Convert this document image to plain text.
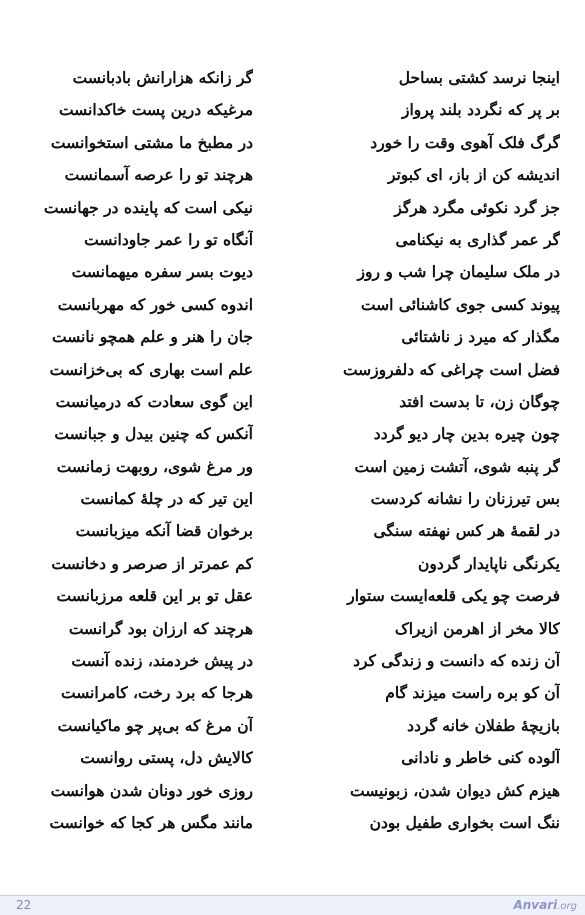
اینجا نرسد کشتی بساحل
بر پر که نگردد بلند پرواز
گرگ فلک آهوی وقت را خورد
اندیشه کن از باز، ای کبوتر
جز گرد نکوئی مگرد هرگز
گر عمر گذاری به نیکنامی
در ملک سلیمان چرا شب و روز
پیوند کسی جوی کاشنائی است
مگذار که میرد ز ناشتائی
فضل است چراغی که دلفروزست
چوگان زن، تا بدست افتد
چون چیره بدین چار دیو گردد
گر پنبه شوی، آتشت زمین است
بس تیرزنان را نشانه کردست
در لقمهٔ هر کس نهفته سنگی
یکرنگی ناپایدار گردون
فرصت چو یکی قلعه‌ایست ستوار
کالا مخر از اهرمن ازیراک
آن زنده که دانست و زندگی کرد
آن کو بره راست میزند گام
بازیچهٔ طفلان خانه گردد
آلوده کنی خاطر و نادانی
هیزم کش دیوان شدن، زبونیست
ننگ است بخواری طفیل بودن
گر زانکه هزارانش بادبانست
مرغیکه درین پست خاکدانست
در مطبخ ما مشتی استخوانست
هرچند تو را عرصه آسمانست
نیکی است که پاینده در جهانست
آنگاه تو را عمر جاودانست
دیوت بسر سفره میهمانست
اندوه کسی خور که مهربانست
جان را هنر و علم همچو نانست
علم است بهاری که بی‌خزانست
این گوی سعادت که درمیانست
آنکس که چنین بیدل و جبانست
ور مرغ شوی، روبهت زمانست
این تیر که در چلهٔ کمانست
برخوان قضا آنکه میزبانست
کم عمرتر از صرصر و دخانست
عقل تو بر این قلعه مرزبانست
هرچند که ارزان بود گرانست
در پیش خردمند، زنده آنست
هرجا که برد رخت، کامرانست
آن مرغ که بی‌پر چو ماکیانست
کالایش دل، پستی روانست
روزی خور دونان شدن هوانست
مانند مگس هر کجا که خوانست
22	Anvari.org
